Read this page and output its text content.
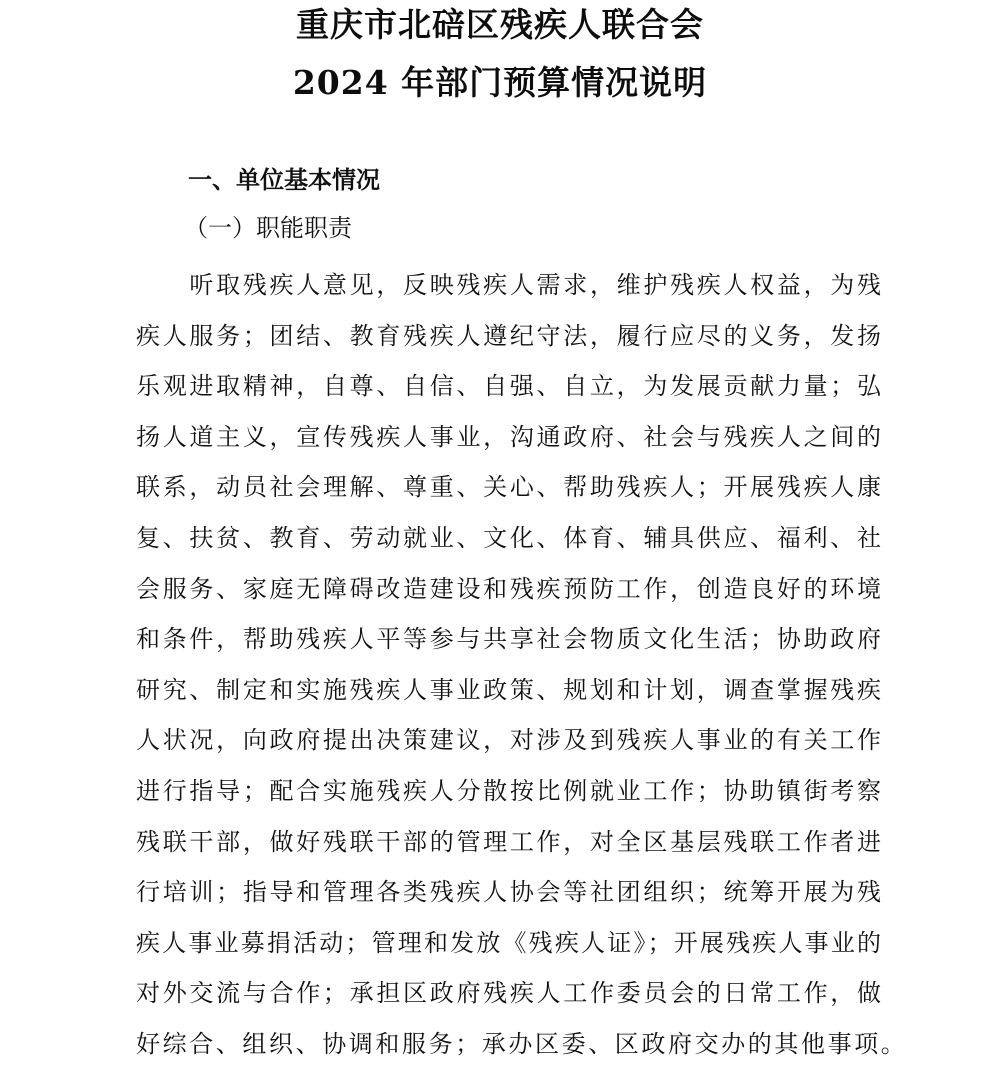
重庆市北碚区残疾人联合会
2024 年部门预算情况说明
一、单位基本情况
（一）职能职责
　　听取残疾人意见，反映残疾人需求，维护残疾人权益，为残
疾人服务；团结、教育残疾人遵纪守法，履行应尽的义务，发扬
乐观进取精神，自尊、自信、自强、自立，为发展贡献力量；弘
扬人道主义，宣传残疾人事业，沟通政府、社会与残疾人之间的
联系，动员社会理解、尊重、关心、帮助残疾人；开展残疾人康
复、扶贫、教育、劳动就业、文化、体育、辅具供应、福利、社
会服务、家庭无障碍改造建设和残疾预防工作，创造良好的环境
和条件，帮助残疾人平等参与共享社会物质文化生活；协助政府
研究、制定和实施残疾人事业政策、规划和计划，调查掌握残疾
人状况，向政府提出决策建议，对涉及到残疾人事业的有关工作
进行指导；配合实施残疾人分散按比例就业工作；协助镇街考察
残联干部，做好残联干部的管理工作，对全区基层残联工作者进
行培训；指导和管理各类残疾人协会等社团组织；统筹开展为残
疾人事业募捐活动；管理和发放《残疾人证》；开展残疾人事业的
对外交流与合作；承担区政府残疾人工作委员会的日常工作，做
好综合、组织、协调和服务；承办区委、区政府交办的其他事项。
